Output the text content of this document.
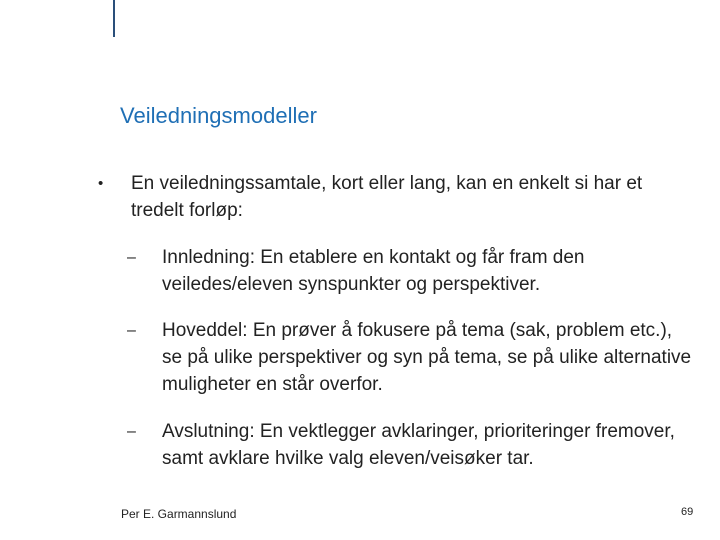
Veiledningsmodeller
• En veiledningssamtale, kort eller lang, kan en enkelt si har et tredelt forløp:
– Innledning: En etablere en kontakt og får fram den veiledes/eleven synspunkter og perspektiver.
– Hoveddel: En prøver å fokusere på tema (sak, problem etc.), se på ulike perspektiver og syn på tema, se på ulike alternative muligheter en står overfor.
– Avslutning: En vektlegger avklaringer, prioriteringer fremover, samt avklare hvilke valg eleven/veisøker tar.
Per E. Garmannslund	69
